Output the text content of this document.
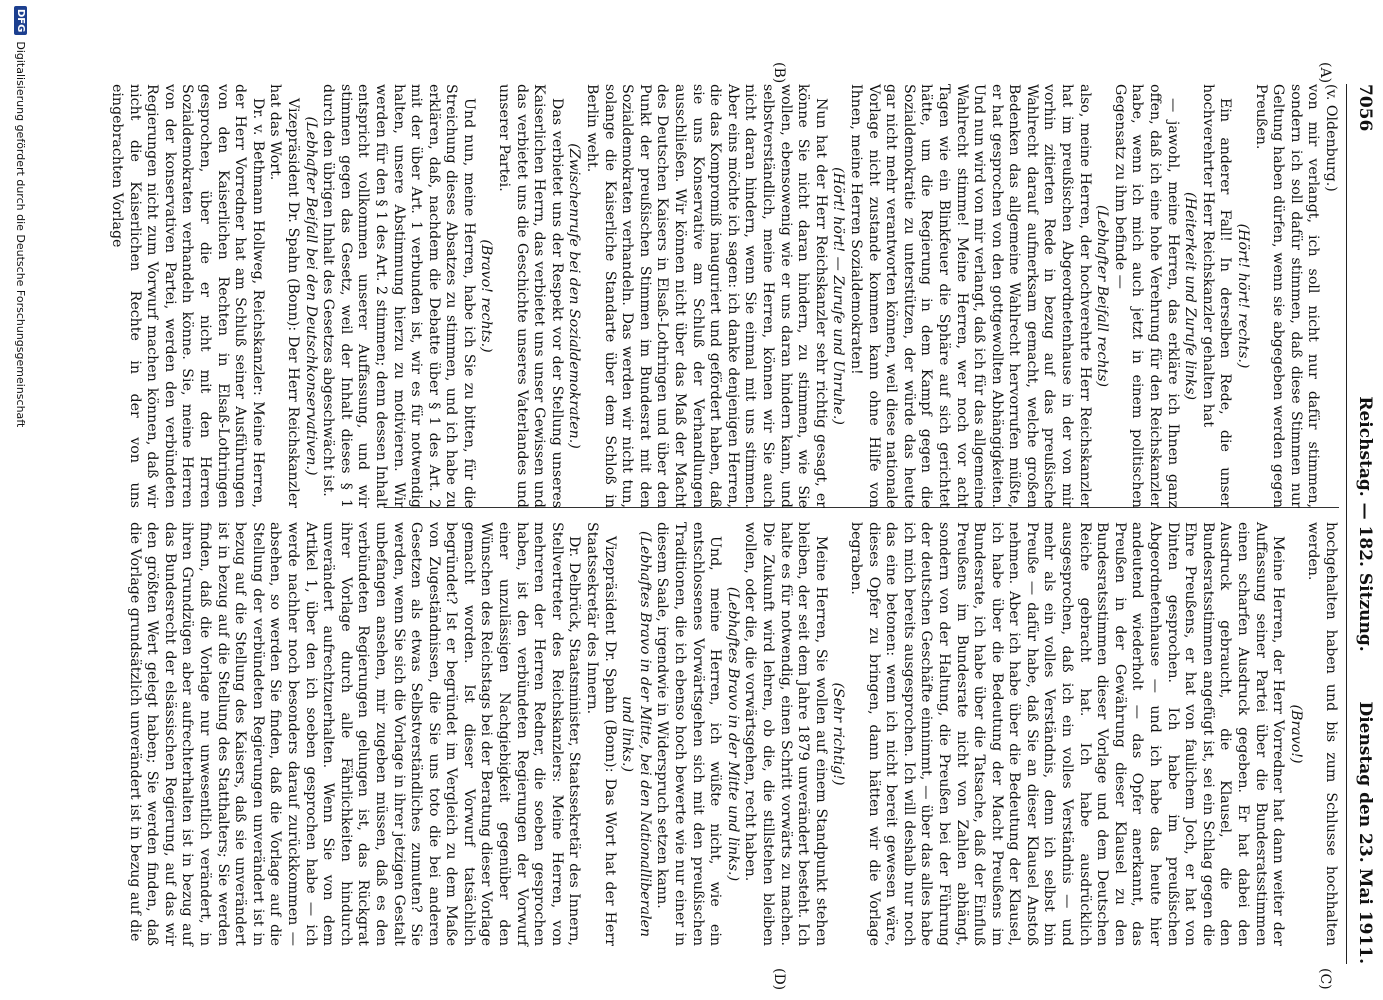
7056
Reichstag. — 182. Sitzung.
Dienstag den 23. Mai 1911.
(A)
(B)
(C)
(D)

(v. Oldenburg.)

von mir verlangt, ich soll nicht nur dafür stimmen, sondern ich soll dafür stimmen, daß diese Stimmen nur Geltung haben dürfen, wenn sie abgegeben werden gegen Preußen.

(Hört! hört! rechts.)

Ein anderer Fall! In derselben Rede, die unser hochverehrter Herr Reichskanzler gehalten hat

(Heiterkeit und Zurufe links)

— jawohl, meine Herren, das erkläre ich Ihnen ganz offen, daß ich eine hohe Verehrung für den Reichskanzler habe, wenn ich mich auch jetzt in einem politischen Gegensatz zu ihm befinde —

(Lebhafter Beifall rechts)

also, meine Herren, der hochverehrte Herr Reichskanzler hat im preußischen Abgeordnetenhause in der von mir vorhin zitierten Rede in bezug auf das preußische Wahlrecht darauf aufmerksam gemacht, welche großen Bedenken das allgemeine Wahlrecht hervorrufen müßte, er hat gesprochen von den gottgewollten Abhängigkeiten. Und nun wird von mir verlangt, daß ich für das allgemeine Wahlrecht stimme! Meine Herren, wer noch vor acht Tagen wie ein Blinkfeuer die Sphäre auf sich gerichtet hätte, um die Regierung in dem Kampf gegen die Sozialdemokratie zu unterstützen, der würde das heute gar nicht mehr verantworten können, weil diese nationale Vorlage nicht zustande kommen kann ohne Hilfe von Ihnen, meine Herren Sozialdemokraten!

(Hört! hört! — Zurufe und Unruhe.)

Nun hat der Herr Reichskanzler sehr richtig gesagt, er könne Sie nicht daran hindern, zu stimmen, wie Sie wollen, ebensowenig wie er uns daran hindern kann, und selbstverständlich, meine Herren, können wir Sie auch nicht daran hindern, wenn Sie einmal mit uns stimmen. Aber eins möchte ich sagen: ich danke denjenigen Herren, die das Kompromiß inauguriert und gefördert haben, daß sie uns Konservative am Schluß der Verhandlungen ausschließen. Wir können nicht über das Maß der Macht des Deutschen Kaisers in Elsaß-Lothringen und über den Punkt der preußischen Stimmen im Bundesrat mit den Sozialdemokraten verhandeln. Das werden wir nicht tun, solange die Kaiserliche Standarte über dem Schloß in Berlin weht.

(Zwischenrufe bei den Sozialdemokraten.)

Das verbietet uns der Respekt vor der Stellung unseres Kaiserlichen Herrn, das verbietet uns unser Gewissen und das verbietet uns die Geschichte unseres Vaterlandes und unserer Partei.

(Bravo! rechts.)

Und nun, meine Herren, habe ich Sie zu bitten, für die Streichung dieses Absatzes zu stimmen, und ich habe zu erklären, daß, nachdem die Debatte über § 1 des Art. 2 mit der über Art. 1 verbunden ist, wir es für notwendig halten, unsere Abstimmung hierzu zu motivieren. Wir werden für den § 1 des Art. 2 stimmen; denn dessen Inhalt entspricht vollkommen unserer Auffassung, und wir stimmen gegen das Gesetz, weil der Inhalt dieses § 1 durch den übrigen Inhalt des Gesetzes abgeschwächt ist.

(Lebhafter Beifall bei den Deutschkonservativen.)

Vizepräsident Dr. Spahn (Bonn): Der Herr Reichskanzler hat das Wort.

Dr. v. Bethmann Hollweg, Reichskanzler: Meine Herren, der Herr Vorredner hat am Schluß seiner Ausführungen von den Kaiserlichen Rechten in Elsaß-Lothringen gesprochen, über die er nicht mit den Herren Sozialdemokraten verhandeln könne. Sie, meine Herren von der konservativen Partei, werden den verbündeten Regierungen nicht zum Vorwurf machen können, daß wir nicht die Kaiserlichen Rechte in der von uns eingebrachten Vorlage

hochgehalten haben und bis zum Schlusse hochhalten werden.

(Bravo!)

Meine Herren, der Herr Vorredner hat dann weiter der Auffassung seiner Partei über die Bundesratsstimmen einen scharfen Ausdruck gegeben. Er hat dabei den Ausdruck gebraucht, die Klausel, die den Bundesratsstimmen angefügt ist, sei ein Schlag gegen die Ehre Preußens, er hat von faulichem Joch, er hat von Dinten gesprochen. Ich habe im preußischen Abgeordnetenhause — und ich habe das heute hier andeutend wiederholt — das Opfer anerkannt, das Preußen in der Gewährung dieser Klausel zu den Bundesratsstimmen dieser Vorlage und dem Deutschen Reiche gebracht hat. Ich habe ausdrücklich ausgesprochen, daß ich ein volles Verständnis — und mehr als ein volles Verständnis, denn ich selbst bin Preuße — dafür habe, daß Sie an dieser Klausel Anstoß nehmen. Aber ich habe über die Bedeutung der Klausel, ich habe über die Bedeutung der Macht Preußens im Bundesrate, ich habe über die Tatsache, daß der Einfluß Preußens im Bundesrate nicht von Zahlen abhängt, sondern von der Haltung, die Preußen bei der Führung der deutschen Geschäfte einnimmt, — über das alles habe ich mich bereits ausgesprochen. Ich will deshalb nur noch das eine betonen: wenn ich nicht bereit gewesen wäre, dieses Opfer zu bringen, dann hätten wir die Vorlage begraben.

(Sehr richtig!)

Meine Herren, Sie wollen auf einem Standpunkt stehen bleiben, der seit dem Jahre 1879 unverändert besteht. Ich halte es für notwendig, einen Schritt vorwärts zu machen. Die Zukunft wird lehren, ob die, die stillstehen bleiben wollen, oder die, die vorwärtsgehen, recht haben.

(Lebhaftes Bravo in der Mitte und links.)

Und, meine Herren, ich wüßte nicht, wie ein entschlossenes Vorwärtsgehen sich mit den preußischen Traditionen, die ich ebenso hoch bewerte wie nur einer in diesem Saale, irgendwie in Widerspruch setzen kann.

(Lebhaftes Bravo in der Mitte, bei den Nationalliberalen und links.)

Vizepräsident Dr. Spahn (Bonn): Das Wort hat der Herr Staatssekretär des Innern.

Dr. Delbrück, Staatsminister, Staatssekretär des Innern, Stellvertreter des Reichskanzlers: Meine Herren, von mehreren der Herren Redner, die soeben gesprochen haben, ist den verbündeten Regierungen der Vorwurf einer unzulässigen Nachgiebigkeit gegenüber den Wünschen des Reichstags bei der Beratung dieser Vorlage gemacht worden. Ist dieser Vorwurf tatsächlich begründet? Ist er begründet im Vergleich zu dem Maße von Zugeständnissen, die Sie uns toto die bei anderen Gesetzen als etwas Selbstverständliches zumuten? Sie werden, wenn Sie sich die Vorlage in ihrer jetzigen Gestalt unbefangen ansehen, mir zugeben müssen, daß es den verbündeten Regierungen gelungen ist, das Rückgrat ihrer Vorlage durch alle Fährlichkeiten hindurch unverändert aufrechtzuerhalten. Wenn Sie von dem Artikel 1, über den ich soeben gesprochen habe — ich werde nachher noch besonders darauf zurückkommen — absehen, so werden Sie finden, daß die Vorlage auf die Stellung der verbündeten Regierungen unverändert ist in bezug auf die Stellung des Kaisers, daß sie unverändert ist in bezug auf die Stellung des Statthalters; Sie werden finden, daß die Vorlage nur unwesentlich verändert, in ihren Grundzügen aber aufrechterhalten ist in bezug auf das Bundesrecht der elsässischen Regierung, auf das wir den größten Wert gelegt haben; Sie werden finden, daß die Vorlage grundsätzlich unverändert ist in bezug auf die

DFG
Digitalisierung gefördert durch die Deutsche Forschungsgemeinschaft
